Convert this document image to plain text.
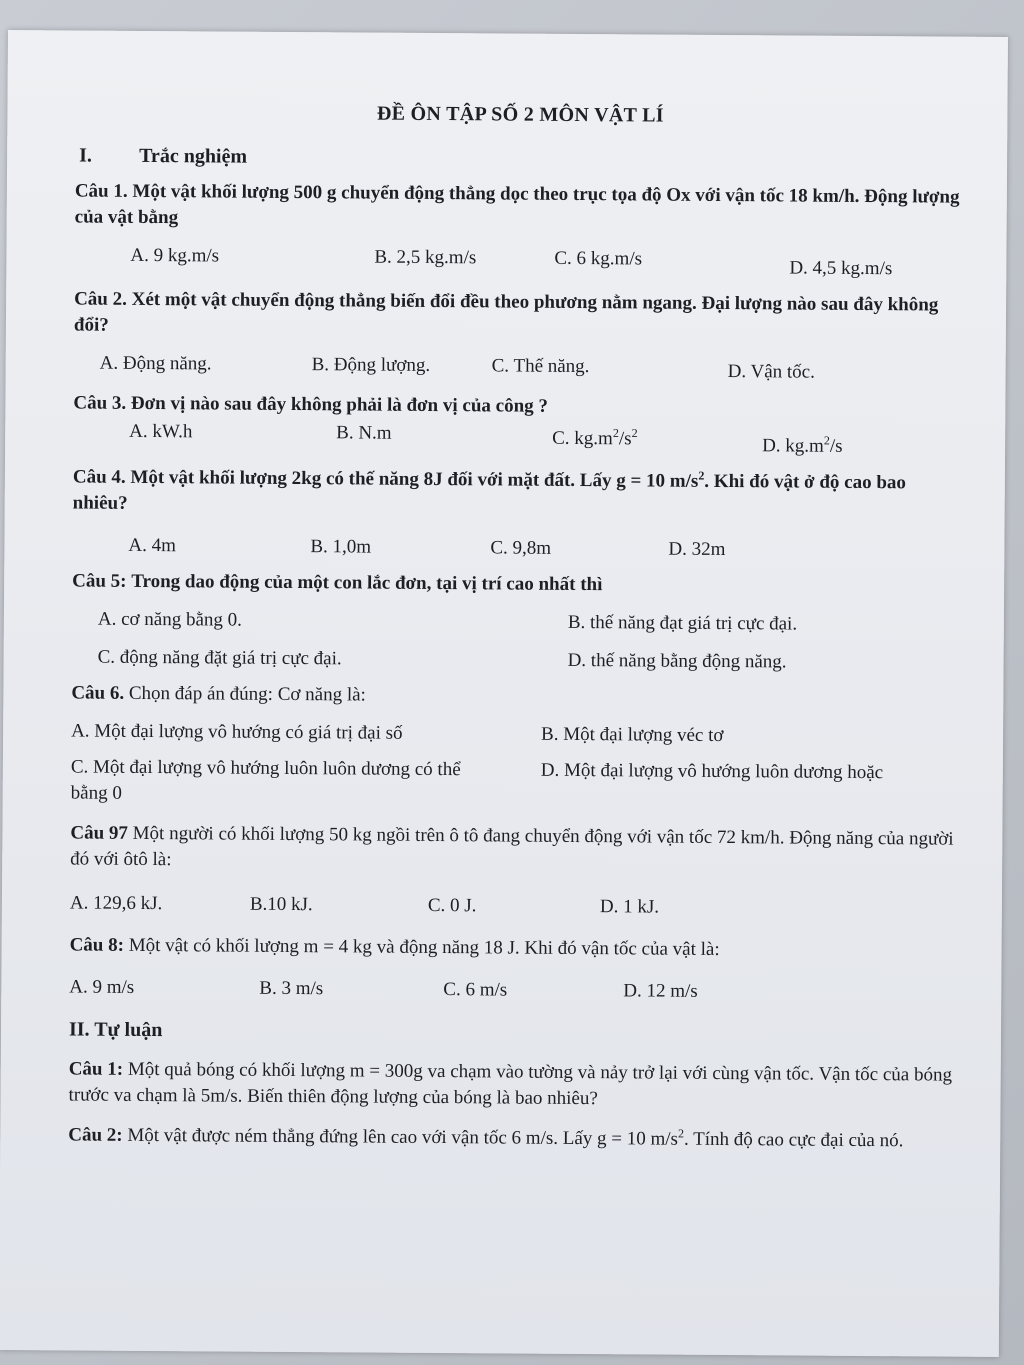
ĐỀ ÔN TẬP SỐ 2 MÔN VẬT LÍ
I. Trắc nghiệm
Câu 1. Một vật khối lượng 500 g chuyển động thẳng dọc theo trục tọa độ Ox với vận tốc 18 km/h. Động lượng của vật bằng
A. 9 kg.m/s	B. 2,5 kg.m/s	C. 6 kg.m/s	D. 4,5 kg.m/s
Câu 2. Xét một vật chuyển động thẳng biến đổi đều theo phương nằm ngang. Đại lượng nào sau đây không đổi?
A. Động năng.	B. Động lượng.	C. Thế năng.	D. Vận tốc.
Câu 3. Đơn vị nào sau đây không phải là đơn vị của công ?
A. kW.h	B. N.m	C. $kg.m^2/s^2$
D. $kg.m^2/s$
Câu 4. Một vật khối lượng 2kg có thế năng 8J đối với mặt đất. Lấy g = 10 $m/s^2$. Khi đó vật ở độ cao bao nhiêu?
A. 4m	B. 1,0m	C. 9,8m	D. 32m
Câu 5: Trong dao động của một con lắc đơn, tại vị trí cao nhất thì
A. cơ năng bằng 0.	B. thế năng đạt giá trị cực đại.
C. động năng đặt giá trị cực đại.	D. thế năng bằng động năng.
Câu 6. Chọn đáp án đúng: Cơ năng là:
A. Một đại lượng vô hướng có giá trị đại số	B. Một đại lượng véc tơ
C. Một đại lượng vô hướng luôn luôn dương có thể bằng 0
D. Một đại lượng vô hướng luôn dương hoặc
Câu 97 Một người có khối lượng 50 kg ngồi trên ô tô đang chuyển động với vận tốc 72 km/h. Động năng của người đó với ôtô là:
A. 129,6 kJ.	B.10 kJ.	C. 0 J.	D. 1 kJ.
Câu 8: Một vật có khối lượng m = 4 kg và động năng 18 J. Khi đó vận tốc của vật là:
A. 9 m/s	B. 3 m/s	C. 6 m/s	D. 12 m/s
II. Tự luận
Câu 1: Một quả bóng có khối lượng m = 300g va chạm vào tường và nảy trở lại với cùng vận tốc. Vận tốc của bóng trước va chạm là 5m/s. Biến thiên động lượng của bóng là bao nhiêu?
Câu 2: Một vật được ném thẳng đứng lên cao với vận tốc 6 m/s. Lấy g = 10 $m/s^2$. Tính độ cao cực đại của nó.
